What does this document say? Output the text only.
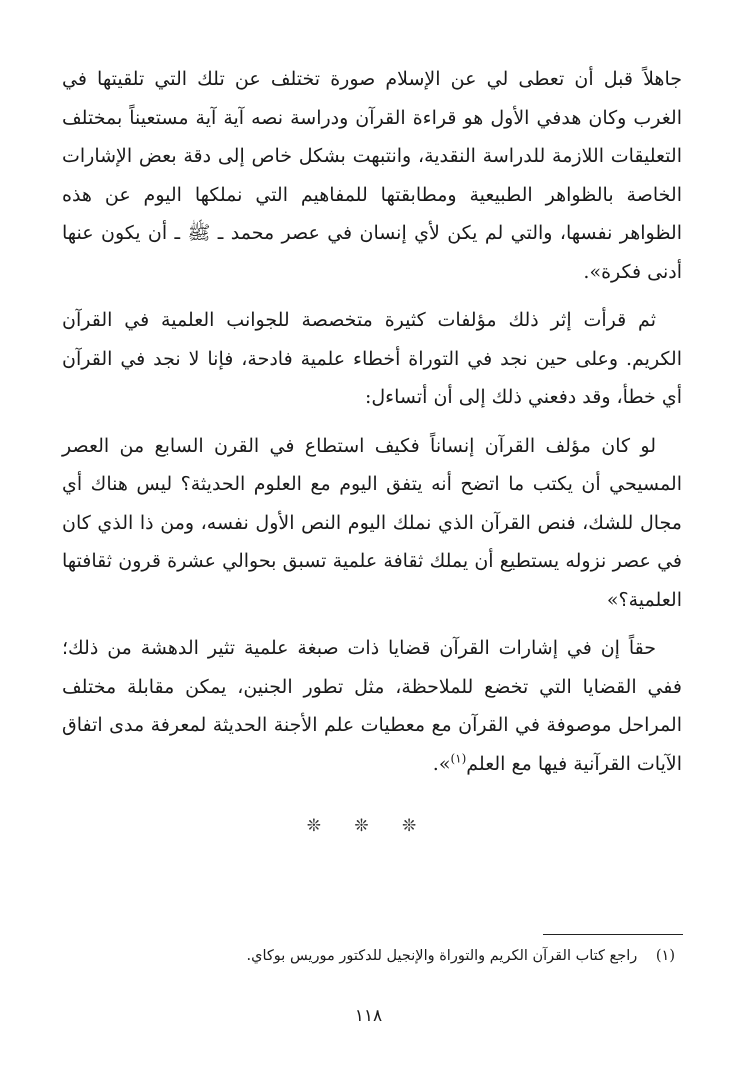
جاهلاً قبل أن تعطى لي عن الإسلام صورة تختلف عن تلك التي تلقيتها في الغرب وكان هدفي الأول هو قراءة القرآن ودراسة نصه آية آية مستعيناً بمختلف التعليقات اللازمة للدراسة النقدية، وانتبهت بشكل خاص إلى دقة بعض الإشارات الخاصة بالظواهر الطبيعية ومطابقتها للمفاهيم التي نملكها اليوم عن هذه الظواهر نفسها، والتي لم يكن لأي إنسان في عصر محمد ـ ﷺ ـ أن يكون عنها أدنى فكرة».

ثم قرأت إثر ذلك مؤلفات كثيرة متخصصة للجوانب العلمية في القرآن الكريم. وعلى حين نجد في التوراة أخطاء علمية فادحة، فإنا لا نجد في القرآن أي خطأ، وقد دفعني ذلك إلى أن أتساءل:

لو كان مؤلف القرآن إنساناً فكيف استطاع في القرن السابع من العصر المسيحي أن يكتب ما اتضح أنه يتفق اليوم مع العلوم الحديثة؟ ليس هناك أي مجال للشك، فنص القرآن الذي نملك اليوم النص الأول نفسه، ومن ذا الذي كان في عصر نزوله يستطيع أن يملك ثقافة علمية تسبق بحوالي عشرة قرون ثقافتها العلمية؟»

حقاً إن في إشارات القرآن قضايا ذات صبغة علمية تثير الدهشة من ذلك؛ ففي القضايا التي تخضع للملاحظة، مثل تطور الجنين، يمكن مقابلة مختلف المراحل موصوفة في القرآن مع معطيات علم الأجنة الحديثة لمعرفة مدى اتفاق الآيات القرآنية فيها مع العلم$^{(١)}$».

❊ ❊ ❊
(١) راجع كتاب القرآن الكريم والتوراة والإنجيل للدكتور موريس بوكاي.
١١٨
